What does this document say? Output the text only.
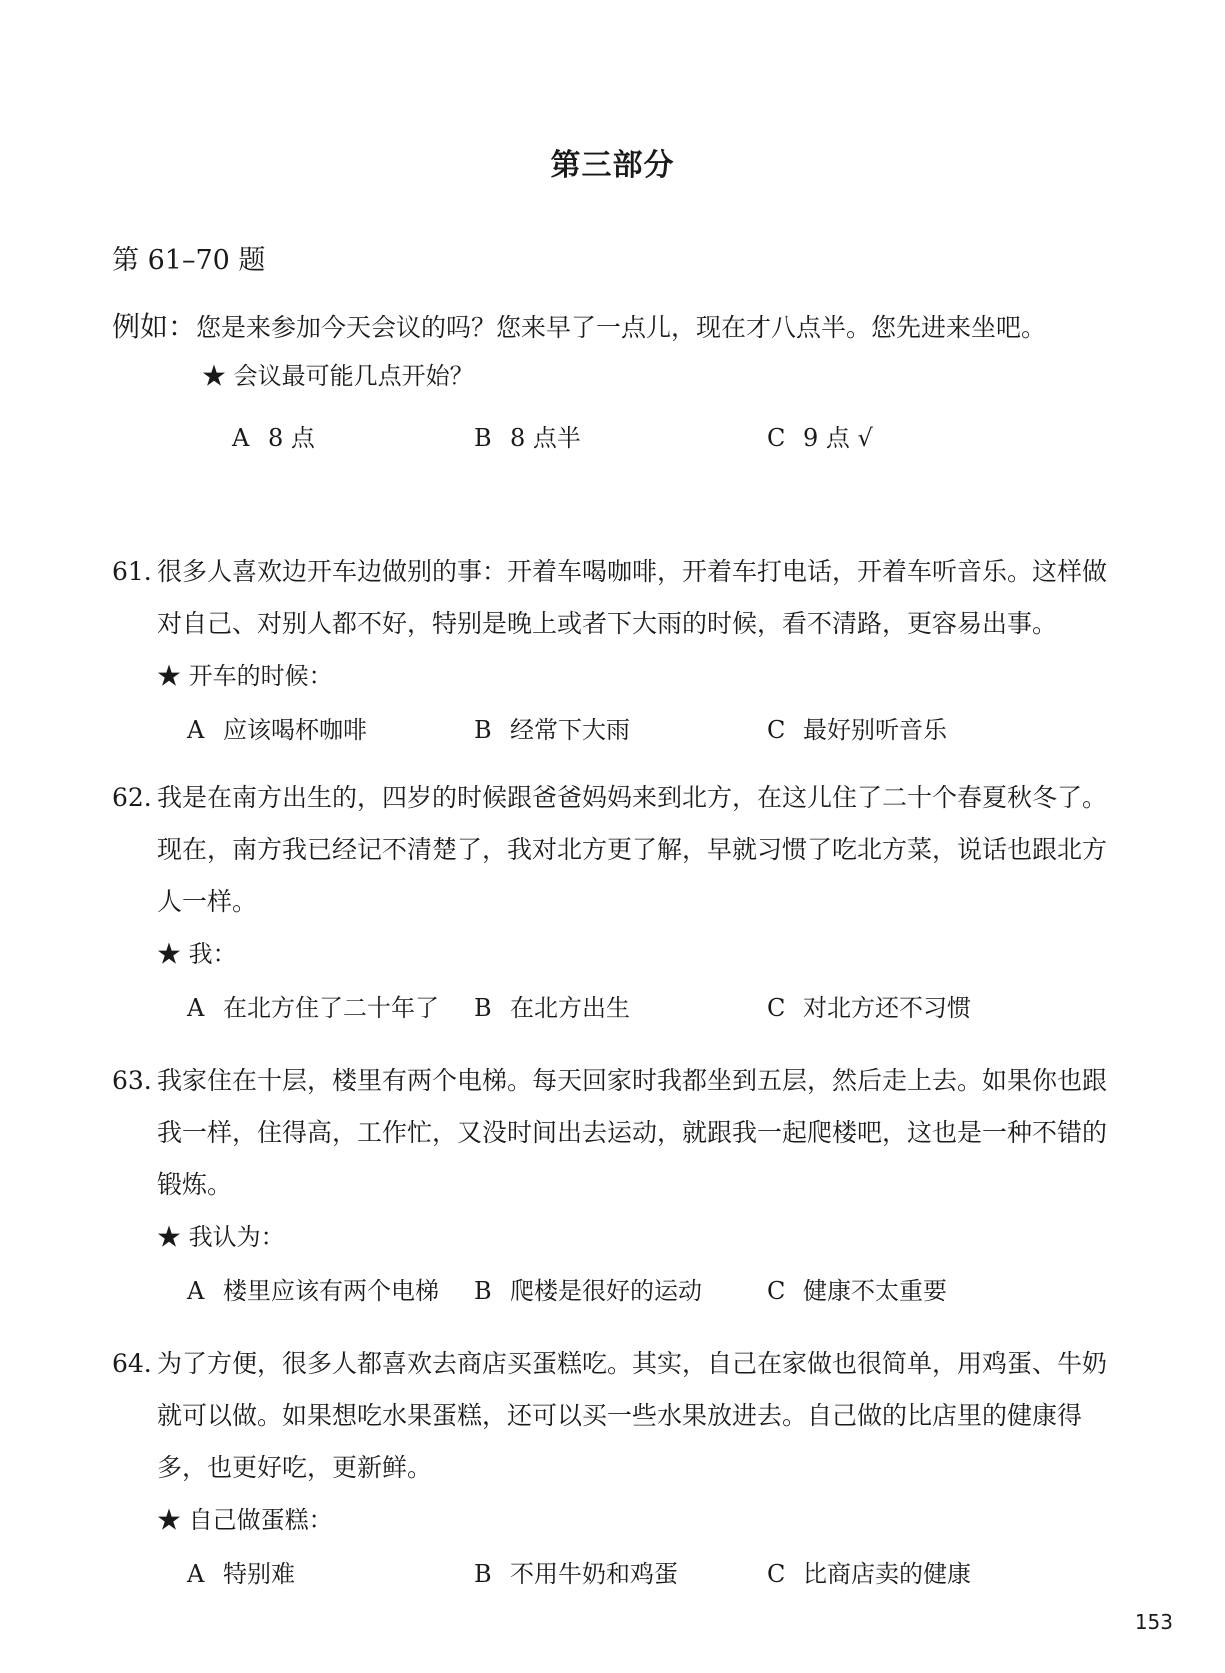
第三部分
第 61–70 题
例如：您是来参加今天会议的吗？您来早了一点儿，现在才八点半。您先进来坐吧。
★ 会议最可能几点开始？
A 8 点	B 8 点半	C 9 点 √
61. 很多人喜欢边开车边做别的事：开着车喝咖啡，开着车打电话，开着车听音乐。这样做对自己、对别人都不好，特别是晚上或者下大雨的时候，看不清路，更容易出事。
★ 开车的时候：
A 应该喝杯咖啡	B 经常下大雨	C 最好别听音乐
62. 我是在南方出生的，四岁的时候跟爸爸妈妈来到北方，在这儿住了二十个春夏秋冬了。现在，南方我已经记不清楚了，我对北方更了解，早就习惯了吃北方菜，说话也跟北方人一样。
★ 我：
A 在北方住了二十年了 B 在北方出生	C 对北方还不习惯
63. 我家住在十层，楼里有两个电梯。每天回家时我都坐到五层，然后走上去。如果你也跟我一样，住得高，工作忙，又没时间出去运动，就跟我一起爬楼吧，这也是一种不错的锻炼。
★ 我认为：
A 楼里应该有两个电梯 B 爬楼是很好的运动	C 健康不太重要
64. 为了方便，很多人都喜欢去商店买蛋糕吃。其实，自己在家做也很简单，用鸡蛋、牛奶就可以做。如果想吃水果蛋糕，还可以买一些水果放进去。自己做的比店里的健康得多，也更好吃，更新鲜。
★ 自己做蛋糕：
A 特别难	B 不用牛奶和鸡蛋	C 比商店卖的健康
153
